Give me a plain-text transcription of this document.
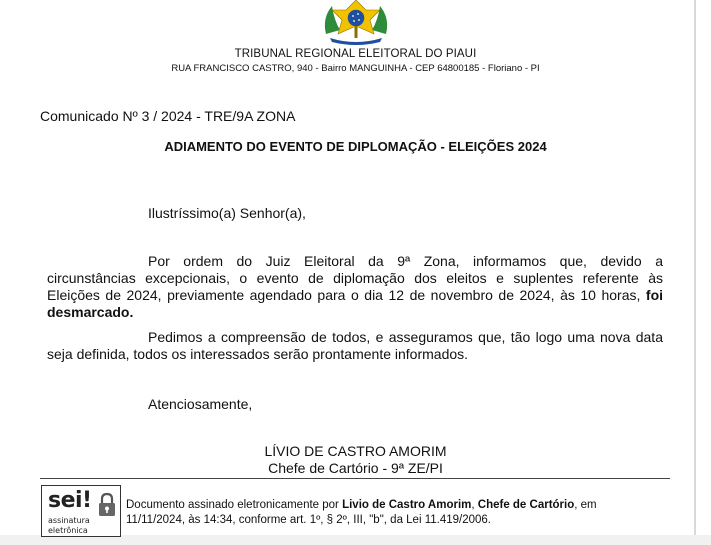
TRIBUNAL REGIONAL ELEITORAL DO PIAUI
RUA FRANCISCO CASTRO, 940 - Bairro MANGUINHA - CEP 64800185 - Floriano - PI
Comunicado Nº 3 / 2024 - TRE/9A ZONA
ADIAMENTO DO EVENTO DE DIPLOMAÇÃO - ELEIÇÕES 2024
Ilustríssimo(a) Senhor(a),
Por ordem do Juiz Eleitoral da 9ª Zona, informamos que, devido a
circunstâncias excepcionais, o evento de diplomação dos eleitos e suplentes referente às
Eleições de 2024, previamente agendado para o dia 12 de novembro de 2024, às 10 horas, foi
desmarcado.
Pedimos a compreensão de todos, e asseguramos que, tão logo uma nova data
seja definida, todos os interessados serão prontamente informados.
Atenciosamente,
LÍVIO DE CASTRO AMORIM
Chefe de Cartório - 9ª ZE/PI
sei!
assinatura
eletrônica
Documento assinado eletronicamente por Livio de Castro Amorim, Chefe de Cartório, em
11/11/2024, às 14:34, conforme art. 1º, § 2º, III, "b", da Lei 11.419/2006.
